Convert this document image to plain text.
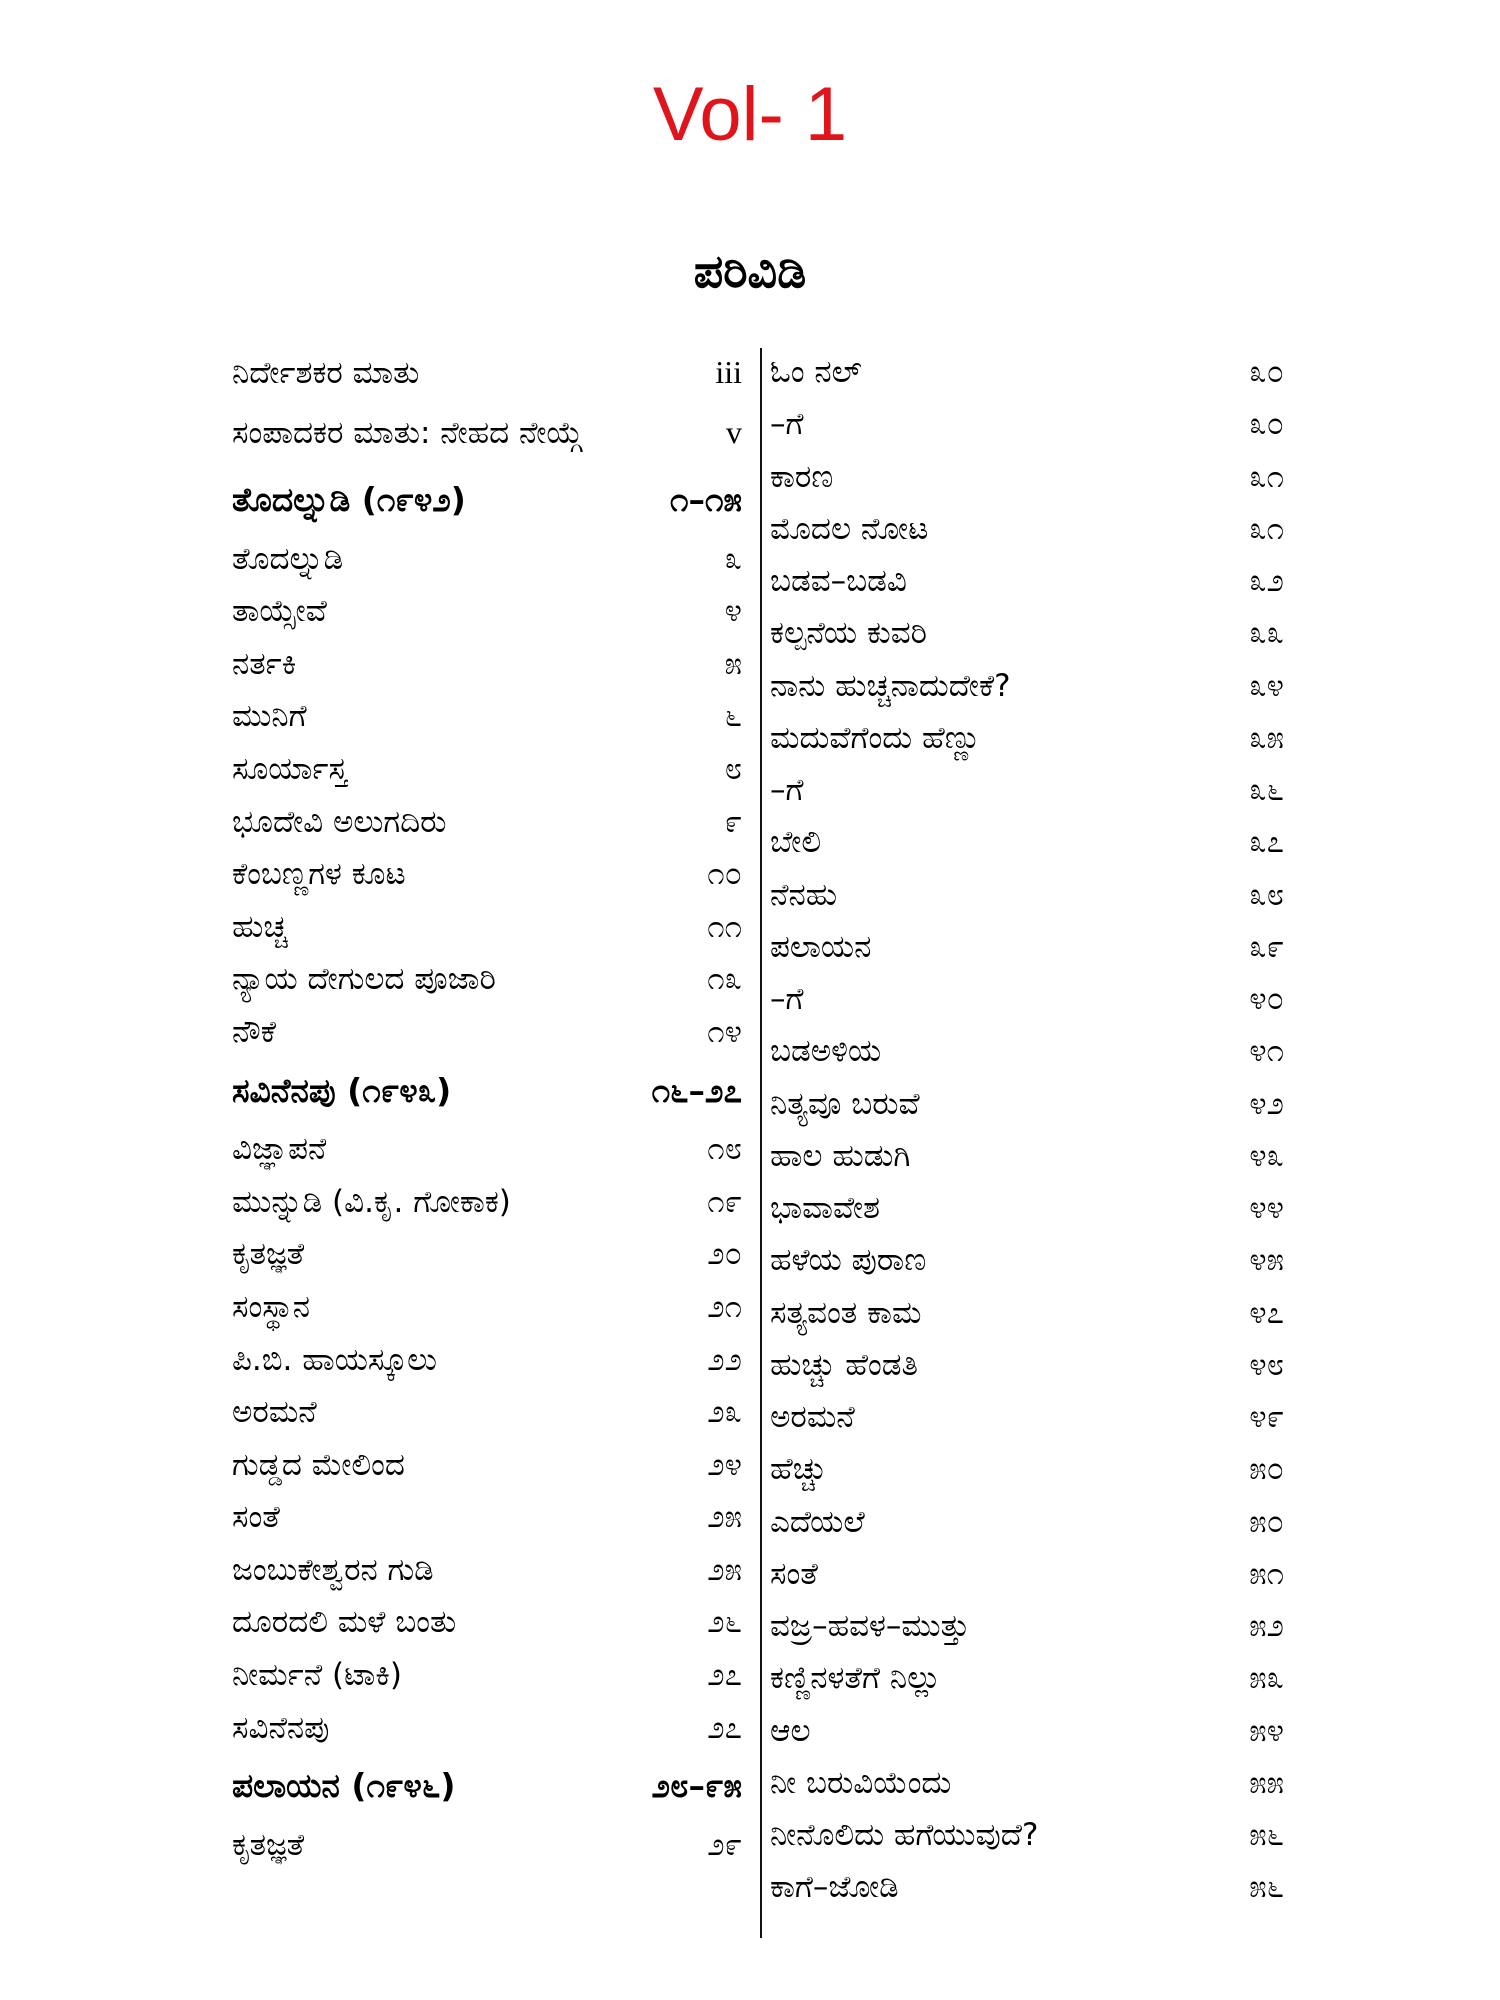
Vol- 1
ಪರಿವಿಡಿ
ನಿರ್ದೇಶಕರ ಮಾತು	iii
ಸಂಪಾದಕರ ಮಾತು: ನೇಹದ ನೇಯ್ಗೆ	v
ತೊದಲ್ನುಡಿ (೧೯೪೨)	೧–೧೫
ತೊದಲ್ನುಡಿ	೩
ತಾಯ್ಸೇವೆ	೪
ನರ್ತಕಿ	೫
ಮುನಿಗೆ	೬
ಸೂರ್ಯಾಸ್ತ	೮
ಭೂದೇವಿ ಅಲುಗದಿರು	೯
ಕೆಂಬಣ್ಣಗಳ ಕೂಟ	೧೦
ಹುಚ್ಚ	೧೧
ನ್ಯಾಯ ದೇಗುಲದ ಪೂಜಾರಿ	೧೩
ನೌಕೆ	೧೪
ಸವಿನೆನಪು (೧೯೪೩)	೧೬–೨೭
ವಿಜ್ಞಾಪನೆ	೧೮
ಮುನ್ನುಡಿ (ವಿ.ಕೃ. ಗೋಕಾಕ)	೧೯
ಕೃತಜ್ಞತೆ	೨೦
ಸಂಸ್ಥಾನ	೨೧
ಪಿ.ಬಿ. ಹಾಯಸ್ಕೂಲು	೨೨
ಅರಮನೆ	೨೩
ಗುಡ್ಡದ ಮೇಲಿಂದ	೨೪
ಸಂತೆ	೨೫
ಜಂಬುಕೇಶ್ವರನ ಗುಡಿ	೨೫
ದೂರದಲಿ ಮಳೆ ಬಂತು	೨೬
ನೀರ್ಮನೆ (ಟಾಕಿ)	೨೭
ಸವಿನೆನಪು	೨೭
ಪಲಾಯನ (೧೯೪೬)	೨೮–೯೫
ಕೃತಜ್ಞತೆ	೨೯
ಓಂ ನಲ್	೩೦
–ಗೆ	೩೦
ಕಾರಣ	೩೧
ಮೊದಲ ನೋಟ	೩೧
ಬಡವ–ಬಡವಿ	೩೨
ಕಲ್ಪನೆಯ ಕುವರಿ	೩೩
ನಾನು ಹುಚ್ಚನಾದುದೇಕೆ?	೩೪
ಮದುವೆಗೆಂದು ಹೆಣ್ಣು	೩೫
–ಗೆ	೩೬
ಬೇಲಿ	೩೭
ನೆನಹು	೩೮
ಪಲಾಯನ	೩೯
–ಗೆ	೪೦
ಬಡಅಳಿಯ	೪೧
ನಿತ್ಯವೂ ಬರುವೆ	೪೨
ಹಾಲ ಹುಡುಗಿ	೪೩
ಭಾವಾವೇಶ	೪೪
ಹಳೆಯ ಪುರಾಣ	೪೫
ಸತ್ಯವಂತ ಕಾಮ	೪೭
ಹುಚ್ಚು ಹೆಂಡತಿ	೪೮
ಅರಮನೆ	೪೯
ಹೆಚ್ಚು	೫೦
ಎದೆಯಲೆ	೫೦
ಸಂತೆ	೫೧
ವಜ್ರ–ಹವಳ–ಮುತ್ತು	೫೨
ಕಣ್ಣಿನಳತೆಗೆ ನಿಲ್ಲು	೫೩
ಆಲ	೫೪
ನೀ ಬರುವಿಯೆಂದು	೫೫
ನೀನೊಲಿದು ಹಗೆಯುವುದೆ?	೫೬
ಕಾಗೆ–ಜೋಡಿ	೫೬
